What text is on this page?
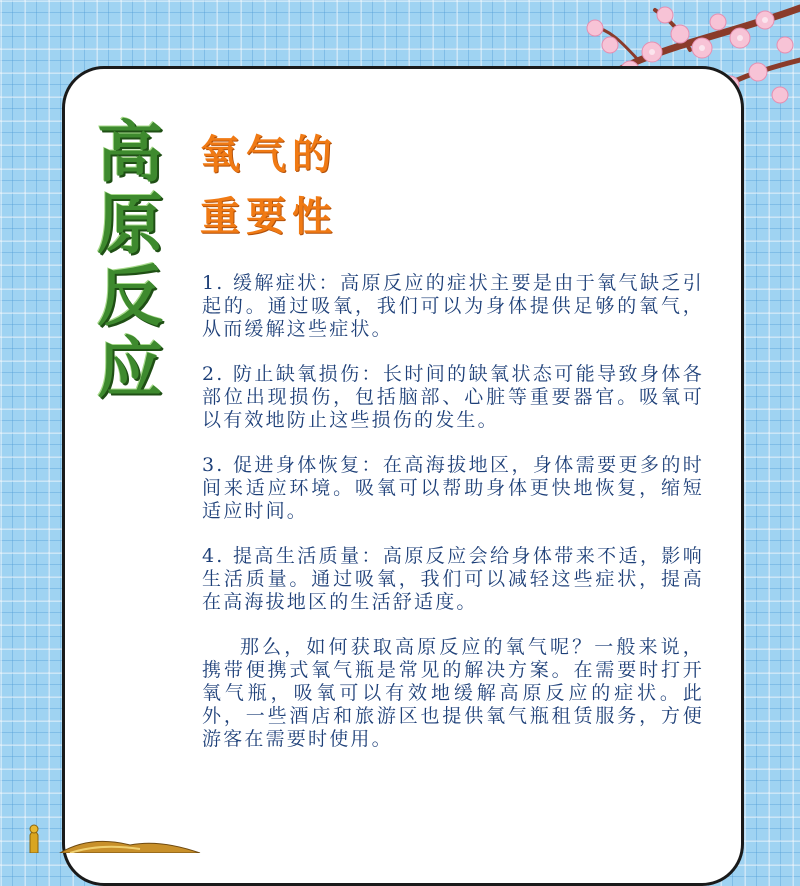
高
原
反
应
氧气的
重要性

1. 缓解症状：高原反应的症状主要是由于氧气缺乏引起的。通过吸氧，我们可以为身体提供足够的氧气，从而缓解这些症状。

2. 防止缺氧损伤：长时间的缺氧状态可能导致身体各部位出现损伤，包括脑部、心脏等重要器官。吸氧可以有效地防止这些损伤的发生。

3. 促进身体恢复：在高海拔地区，身体需要更多的时间来适应环境。吸氧可以帮助身体更快地恢复，缩短适应时间。

4. 提高生活质量：高原反应会给身体带来不适，影响生活质量。通过吸氧，我们可以减轻这些症状，提高在高海拔地区的生活舒适度。

那么，如何获取高原反应的氧气呢？一般来说，携带便携式氧气瓶是常见的解决方案。在需要时打开氧气瓶，吸氧可以有效地缓解高原反应的症状。此外，一些酒店和旅游区也提供氧气瓶租赁服务，方便游客在需要时使用。
